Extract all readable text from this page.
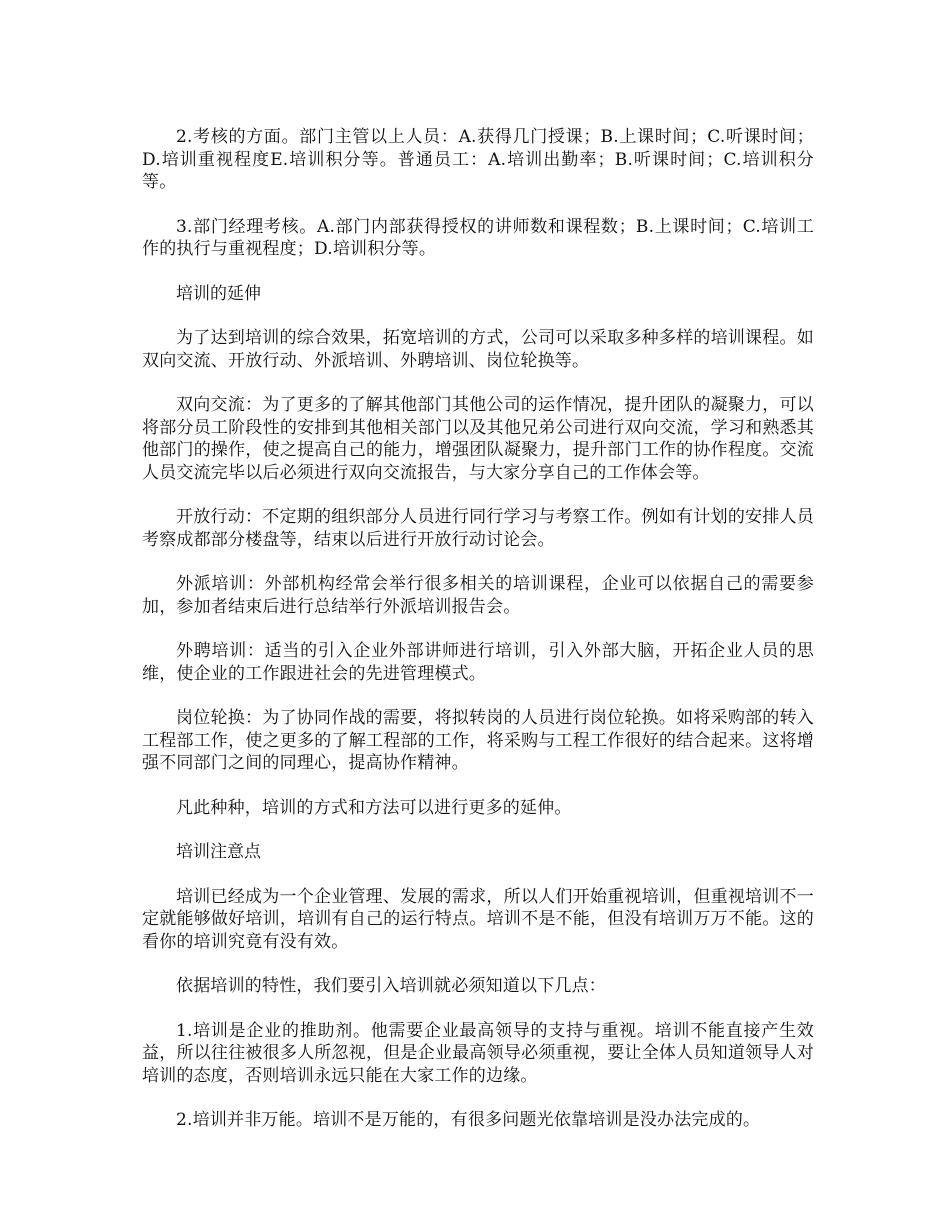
2.考核的方面。部门主管以上人员：A.获得几门授课；B.上课时间；C.听课时间；D.培训重视程度E.培训积分等。普通员工：A.培训出勤率；B.听课时间；C.培训积分等。

3.部门经理考核。A.部门内部获得授权的讲师数和课程数；B.上课时间；C.培训工作的执行与重视程度；D.培训积分等。

培训的延伸

为了达到培训的综合效果，拓宽培训的方式，公司可以采取多种多样的培训课程。如双向交流、开放行动、外派培训、外聘培训、岗位轮换等。

双向交流：为了更多的了解其他部门其他公司的运作情况，提升团队的凝聚力，可以将部分员工阶段性的安排到其他相关部门以及其他兄弟公司进行双向交流，学习和熟悉其他部门的操作，使之提高自己的能力，增强团队凝聚力，提升部门工作的协作程度。交流人员交流完毕以后必须进行双向交流报告，与大家分享自己的工作体会等。

开放行动：不定期的组织部分人员进行同行学习与考察工作。例如有计划的安排人员考察成都部分楼盘等，结束以后进行开放行动讨论会。

外派培训：外部机构经常会举行很多相关的培训课程，企业可以依据自己的需要参加，参加者结束后进行总结举行外派培训报告会。

外聘培训：适当的引入企业外部讲师进行培训，引入外部大脑，开拓企业人员的思维，使企业的工作跟进社会的先进管理模式。

岗位轮换：为了协同作战的需要，将拟转岗的人员进行岗位轮换。如将采购部的转入工程部工作，使之更多的了解工程部的工作，将采购与工程工作很好的结合起来。这将增强不同部门之间的同理心，提高协作精神。

凡此种种，培训的方式和方法可以进行更多的延伸。

培训注意点

培训已经成为一个企业管理、发展的需求，所以人们开始重视培训，但重视培训不一定就能够做好培训，培训有自己的运行特点。培训不是不能，但没有培训万万不能。这的看你的培训究竟有没有效。

依据培训的特性，我们要引入培训就必须知道以下几点：

1.培训是企业的推助剂。他需要企业最高领导的支持与重视。培训不能直接产生效益，所以往往被很多人所忽视，但是企业最高领导必须重视，要让全体人员知道领导人对培训的态度，否则培训永远只能在大家工作的边缘。

2.培训并非万能。培训不是万能的，有很多问题光依靠培训是没办法完成的。
